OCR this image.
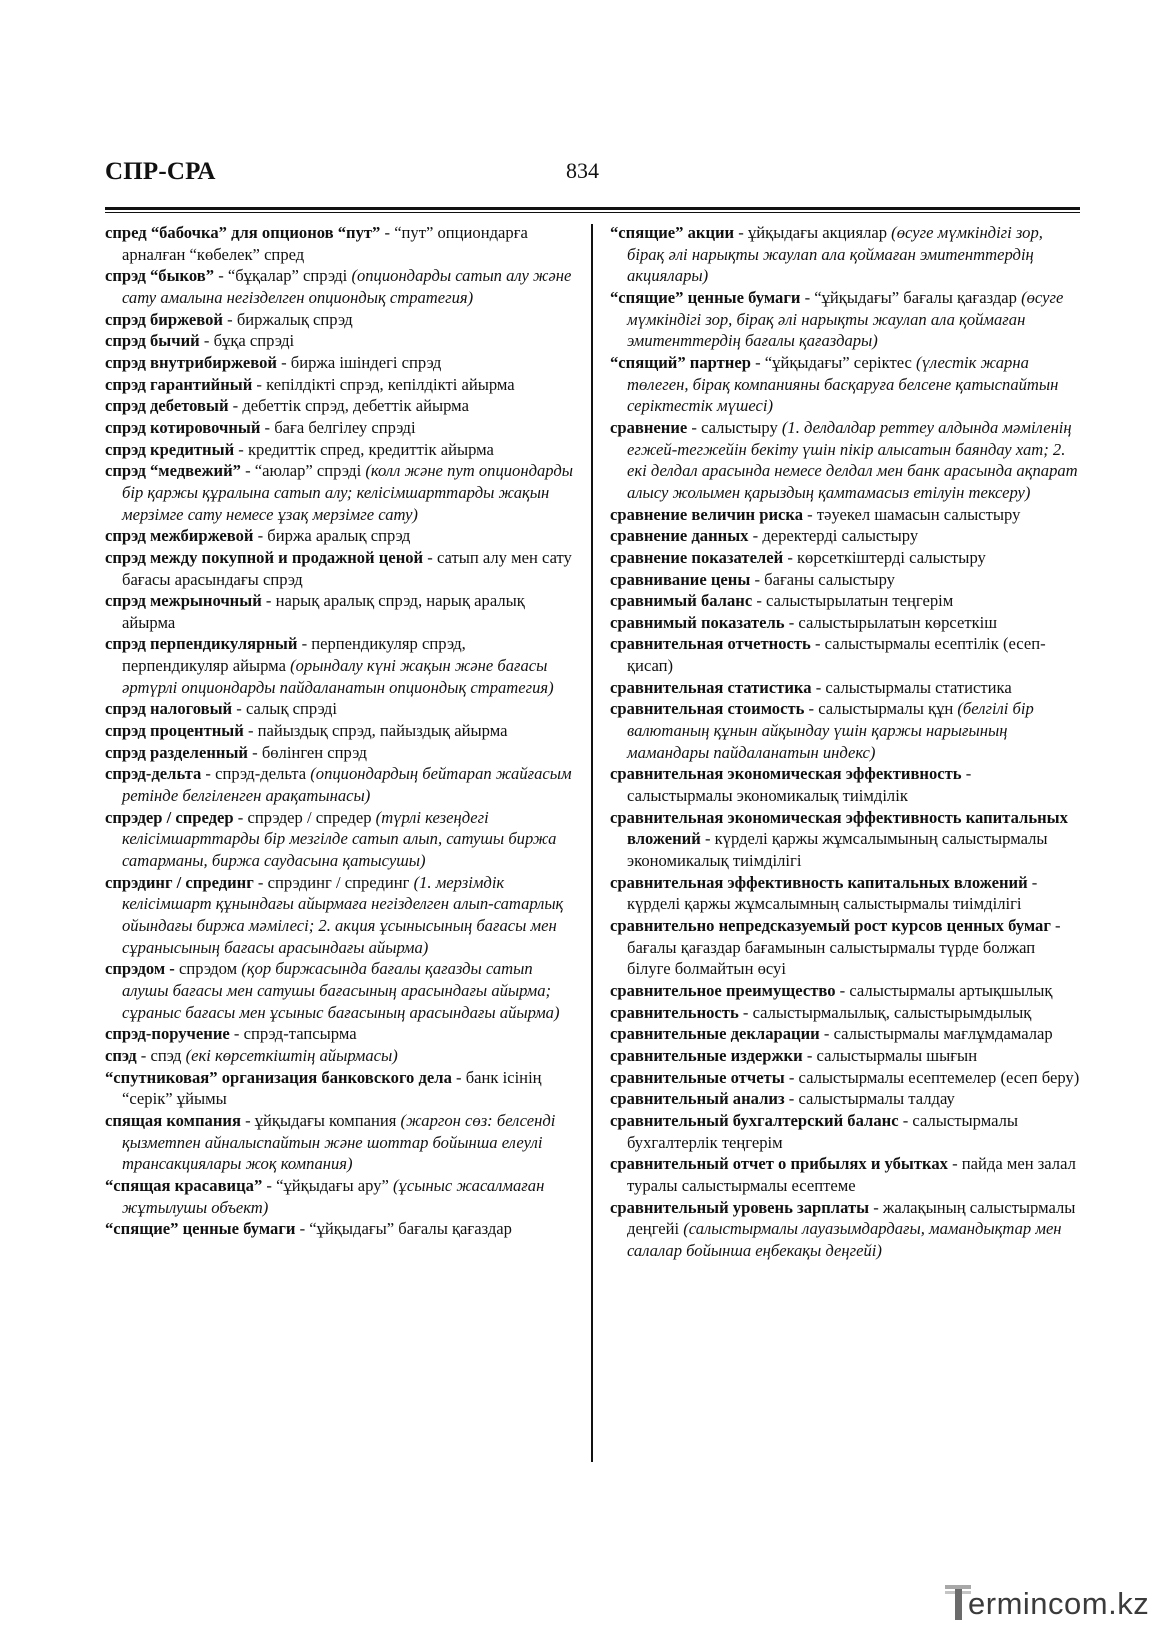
СПР-СРА	834

спред “бабочка” для опционов “пут” - “пут” опциондарға арналған “көбелек” спред

спрэд “быков” - “бұқалар” спрэді (опциондарды сатып алу және сату амалына негізделген опциондық стратегия)

спрэд биржевой - биржалық спрэд

спрэд бычий - бұқа спрэді

спрэд внутрибиржевой - биржа ішіндегі спрэд

спрэд гарантийный - кепілдікті спрэд, кепілдікті айырма

спрэд дебетовый - дебеттік спрэд, дебеттік айырма

спрэд котировочный - баға белгілеу спрэді

спрэд кредитный - кредиттік спред, кредиттік айырма

спрэд “медвежий” - “аюлар” спрэді (колл және пут опциондарды бір қаржы құралына сатып алу; келісімшарттарды жақын мерзімге сату немесе ұзақ мерзімге сату)

спрэд межбиржевой - биржа аралық спрэд

спрэд между покупной и продажной ценой - сатып алу мен сату бағасы арасындағы спрэд

спрэд межрыночный - нарық аралық спрэд, нарық аралық айырма

спрэд перпендикулярный - перпендикуляр спрэд, перпендикуляр айырма (орындалу күні жақын және бағасы әртүрлі опциондарды пайдаланатын опциондық стратегия)

спрэд налоговый - салық спрэді

спрэд процентный - пайыздық спрэд, пайыздық айырма

спрэд разделенный - бөлінген спрэд

спрэд-дельта - спрэд-дельта (опциондардың бейтарап жайғасым ретінде белгіленген арақатынасы)

спрэдер / спредер - спрэдер / спредер (түрлі кезеңдегі келісімшарттарды бір мезгілде сатып алып, сатушы биржа сатарманы, биржа саудасына қатысушы)

спрэдинг / спрединг - спрэдинг / спрединг (1. мерзімдік келісімшарт құнындағы айырмаға негізделген алып-сатарлық ойындағы биржа мәмілесі; 2. акция ұсынысының бағасы мен сұранысының бағасы арасындағы айырма)

спрэдом - спрэдом (қор биржасында бағалы қағазды сатып алушы бағасы мен сатушы бағасының арасындағы айырма; сұраныс бағасы мен ұсыныс бағасының арасындағы айырма)

спрэд-поручение - спрэд-тапсырма

спэд - спэд (екі көрсеткіштің айырмасы)

“спутниковая” организация банковского дела - банк ісінің “серік” ұйымы

спящая компания - ұйқыдағы компания (жаргон сөз: белсенді қызметпен айналыспайтын және шоттар бойынша елеулі трансакциялары жоқ компания)

“спящая красавица” - “ұйқыдағы ару” (ұсыныс жасалмаған жұтылушы объект)

“спящие” ценные бумаги - “ұйқыдағы” бағалы қағаздар

“спящие” акции - ұйқыдағы акциялар (өсуге мүмкіндігі зор, бірақ әлі нарықты жаулап ала қоймаған эмитенттердің акциялары)

“спящие” ценные бумаги - “ұйқыдағы” бағалы қағаздар (өсуге мүмкіндігі зор, бірақ әлі нарықты жаулап ала қоймаған эмитенттердің бағалы қағаздары)

“спящий” партнер - “ұйқыдағы” серіктес (үлестік жарна төлеген, бірақ компанияны басқаруға белсене қатыспайтын серіктестік мүшесі)

сравнение - салыстыру (1. делдалдар реттеу алдында мәміленің егжей-тегжейін бекіту үшін пікір алысатын баяндау хат; 2. екі делдал арасында немесе делдал мен банк арасында ақпарат алысу жолымен қарыздың қамтамасыз етілуін тексеру)

сравнение величин риска - тәуекел шамасын салыстыру

сравнение данных - деректерді салыстыру

сравнение показателей - көрсеткіштерді салыстыру

сравнивание цены - бағаны салыстыру

сравнимый баланс - салыстырылатын теңгерім

сравнимый показатель - салыстырылатын көрсеткіш

сравнительная отчетность - салыстырмалы есептілік (есеп-қисап)

сравнительная статистика - салыстырмалы статистика

сравнительная стоимость - салыстырмалы құн (белгілі бір валютаның құнын айқындау үшін қаржы нарығының мамандары пайдаланатын индекс)

сравнительная экономическая эффективность - салыстырмалы экономикалық тиімділік

сравнительная экономическая эффективность капитальных вложений - күрделі қаржы жұмсалымының салыстырмалы экономикалық тиімділігі

сравнительная эффективность капитальных вложений - күрделі қаржы жұмсалымның салыстырмалы тиімділігі

сравнительно непредсказуемый рост курсов ценных бумаг - бағалы қағаздар бағамынын салыстырмалы түрде болжап білуге болмайтын өсуі

сравнительное преимущество - салыстырмалы артықшылық

сравнительность - салыстырмалылық, салыстырымдылық

сравнительные декларации - салыстырмалы мағлұмдамалар

сравнительные издержки - салыстырмалы шығын

сравнительные отчеты - салыстырмалы есептемелер (есеп беру)

сравнительный анализ - салыстырмалы талдау

сравнительный бухгалтерский баланс - салыстырмалы бухгалтерлік теңгерім

сравнительный отчет о прибылях и убытках - пайда мен залал туралы салыстырмалы есептеме

сравнительный уровень зарплаты - жалақының салыстырмалы деңгейі (салыстырмалы лауазымдардағы, мамандықтар мен салалар бойынша еңбекақы деңгейі)

ermincom.kz
